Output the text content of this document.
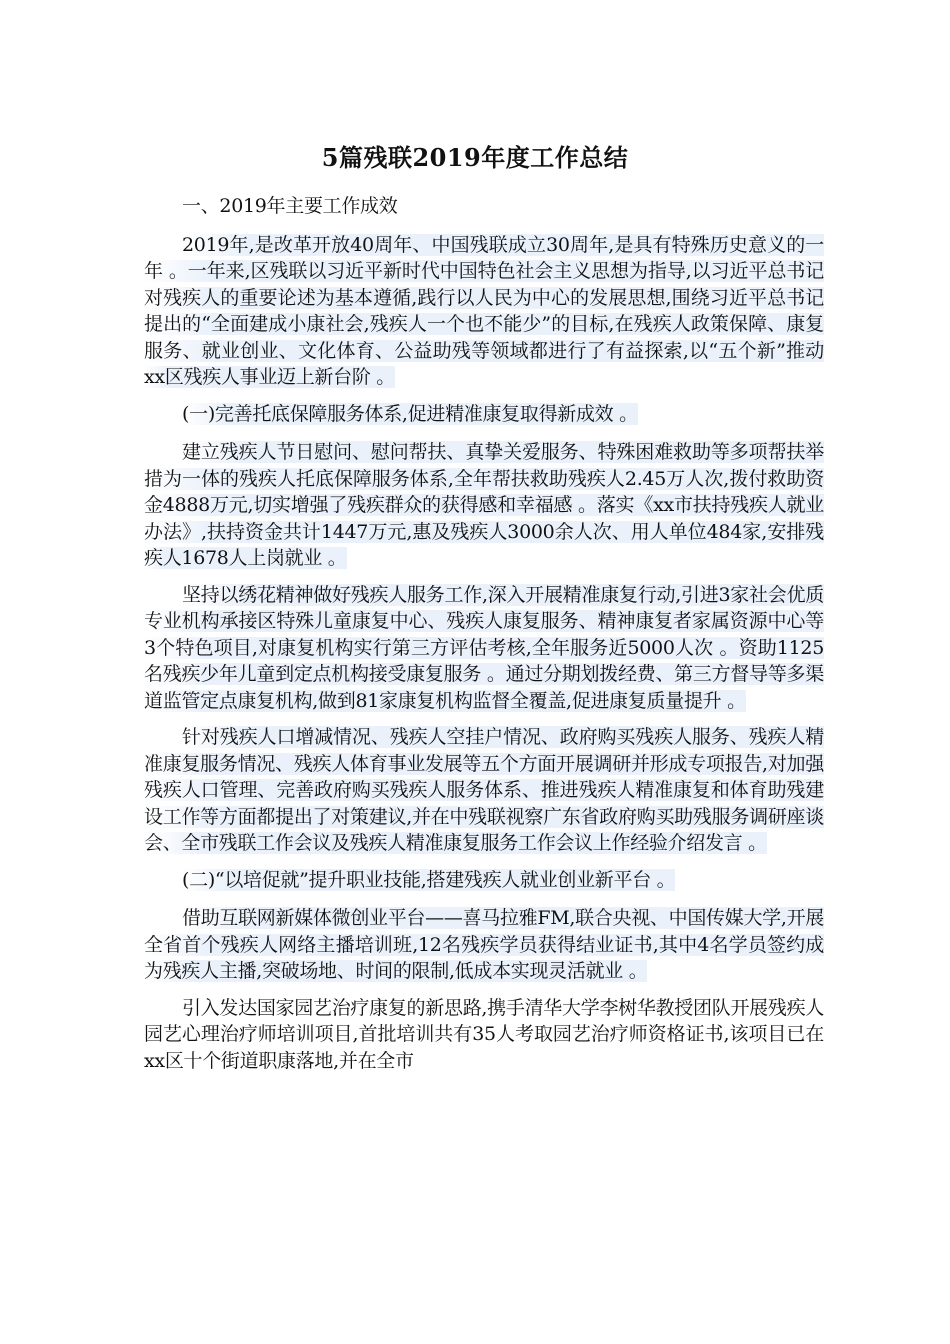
5篇残联2019年度工作总结

一、2019年主要工作成效

2019年,是改革开放40周年、中国残联成立30周年,是具有特殊历史意义的一年 。一年来,区残联以习近平新时代中国特色社会主义思想为指导,以习近平总书记对残疾人的重要论述为基本遵循,践行以人民为中心的发展思想,围绕习近平总书记提出的“全面建成小康社会,残疾人一个也不能少”的目标,在残疾人政策保障、康复服务、就业创业、文化体育、公益助残等领域都进行了有益探索,以“五个新”推动xx区残疾人事业迈上新台阶 。

(一)完善托底保障服务体系,促进精准康复取得新成效 。

建立残疾人节日慰问、慰问帮扶、真挚关爱服务、特殊困难救助等多项帮扶举措为一体的残疾人托底保障服务体系,全年帮扶救助残疾人2.45万人次,拨付救助资金4888万元,切实增强了残疾群众的获得感和幸福感 。落实《xx市扶持残疾人就业办法》,扶持资金共计1447万元,惠及残疾人3000余人次、用人单位484家,安排残疾人1678人上岗就业 。

坚持以绣花精神做好残疾人服务工作,深入开展精准康复行动,引进3家社会优质专业机构承接区特殊儿童康复中心、残疾人康复服务、精神康复者家属资源中心等3个特色项目,对康复机构实行第三方评估考核,全年服务近5000人次 。资助1125名残疾少年儿童到定点机构接受康复服务 。通过分期划拨经费、第三方督导等多渠道监管定点康复机构,做到81家康复机构监督全覆盖,促进康复质量提升 。

针对残疾人口增减情况、残疾人空挂户情况、政府购买残疾人服务、残疾人精准康复服务情况、残疾人体育事业发展等五个方面开展调研并形成专项报告,对加强残疾人口管理、完善政府购买残疾人服务体系、推进残疾人精准康复和体育助残建设工作等方面都提出了对策建议,并在中残联视察广东省政府购买助残服务调研座谈会、全市残联工作会议及残疾人精准康复服务工作会议上作经验介绍发言 。

(二)“以培促就”提升职业技能,搭建残疾人就业创业新平台 。

借助互联网新媒体微创业平台——喜马拉雅FM,联合央视、中国传媒大学,开展全省首个残疾人网络主播培训班,12名残疾学员获得结业证书,其中4名学员签约成为残疾人主播,突破场地、时间的限制,低成本实现灵活就业 。

引入发达国家园艺治疗康复的新思路,携手清华大学李树华教授团队开展残疾人园艺心理治疗师培训项目,首批培训共有35人考取园艺治疗师资格证书,该项目已在xx区十个街道职康落地,并在全市
